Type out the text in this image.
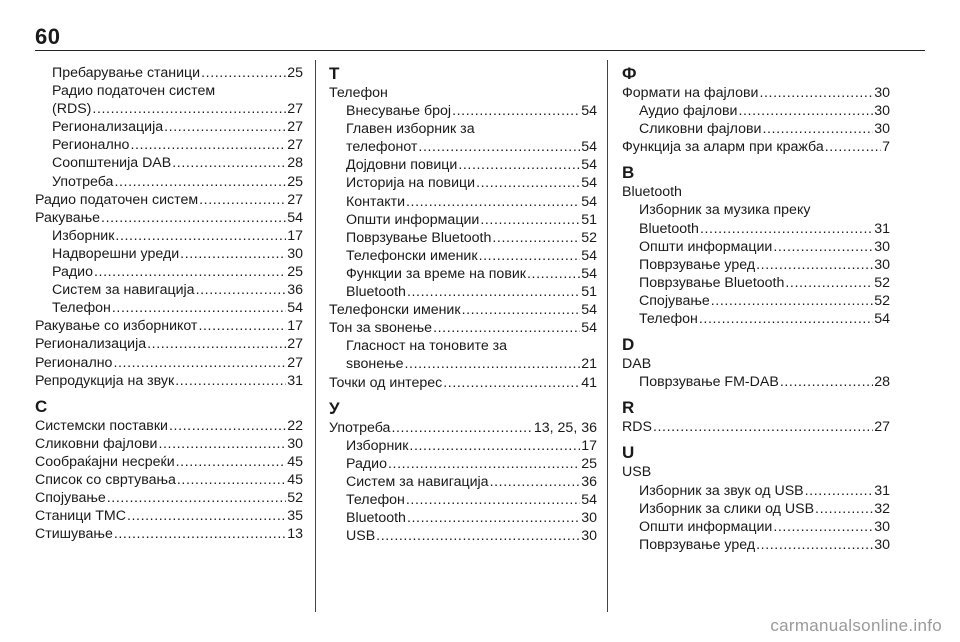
60
Пребарување станици .....	25
Радио податочен систем
(RDS) .....	27
Регионализација .....	27
Регионално .....	27
Соопштенија DAB .....	28
Употреба .....	25
Радио податочен систем .....	27
Ракување .....	54
Изборник .....	17
Надворешни уреди .....	30
Радио .....	25
Систем за навигација .....	36
Телефон .....	54
Ракување со изборникот .....	17
Регионализација .....	27
Регионално .....	27
Репродукција на звук .....	31
С
Системски поставки .....	22
Сликовни фајлови .....	30
Сообраќајни несреќи .....	45
Список со свртувања .....	45
Спојување .....	52
Станици TMC .....	35
Стишување .....	13
Т
Телефон
Внесување број .....	54
Главен изборник за
телефонот .....	54
Дојдовни повици .....	54
Историја на повици .....	54
Контакти .....	54
Општи информации .....	51
Поврзување Bluetooth .....	52
Телефонски именик .....	54
Функции за време на повик .....	54
Bluetooth .....	51
Телефонски именик .....	54
Тон за ѕвонење .....	54
Гласност на тоновите за
ѕвонење .....	21
Точки од интерес .....	41
У
Употреба .....	13, 25, 36
Изборник .....	17
Радио .....	25
Систем за навигација .....	36
Телефон .....	54
Bluetooth .....	30
USB .....	30
Ф
Формати на фајлови .....	30
Аудио фајлови .....	30
Сликовни фајлови .....	30
Функција за аларм при кражба .....	7
B
Bluetooth
Изборник за музика преку
Bluetooth .....	31
Општи информации .....	30
Поврзување уред .....	30
Поврзување Bluetooth .....	52
Спојување .....	52
Телефон .....	54
D
DAB
Поврзување FM-DAB .....	28
R
RDS .....	27
U
USB
Изборник за звук од USB .....	31
Изборник за слики од USB .....	32
Општи информации .....	30
Поврзување уред .....	30
carmanualsonline.info
